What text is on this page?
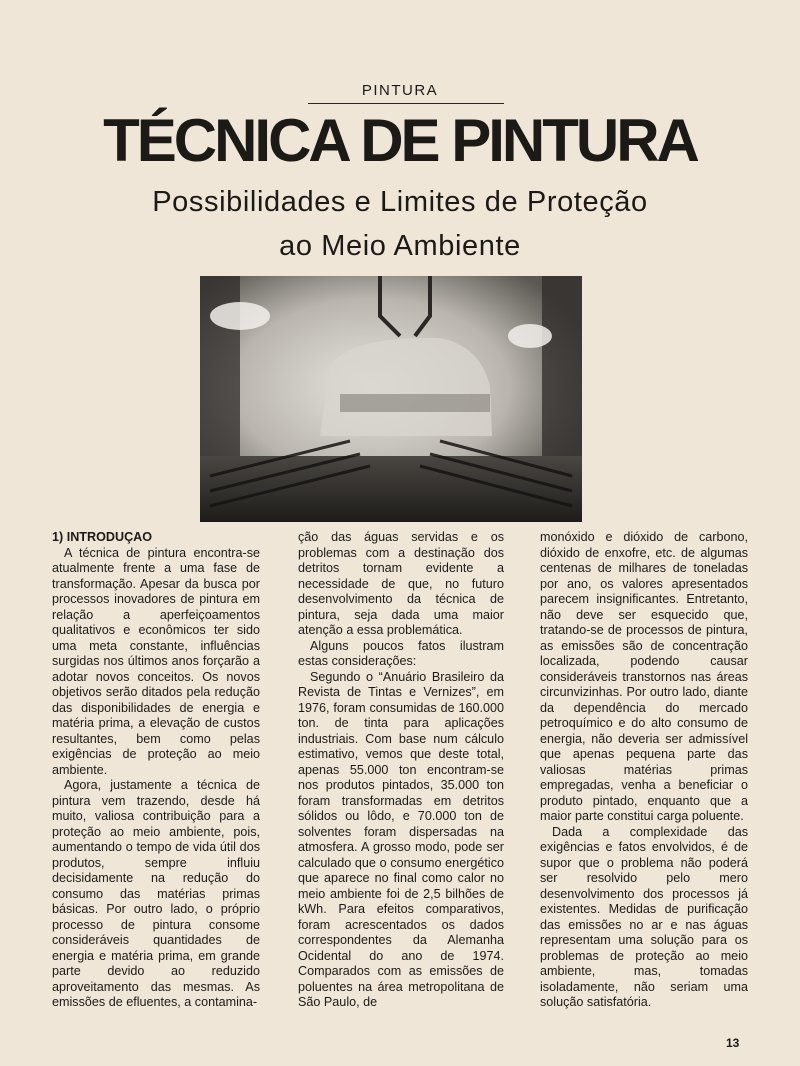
PINTURA
TÉCNICA DE PINTURA
Possibilidades e Limites de Proteção
ao Meio Ambiente

1) INTRODUÇAO

A técnica de pintura encontra-se atualmente frente a uma fase de transformação. Apesar da busca por processos inovadores de pintura em relação a aperfeiçoamentos qualitativos e econômicos ter sido uma meta constante, influências surgidas nos últimos anos forçarão a adotar novos conceitos. Os novos objetivos serão ditados pela redução das disponibilidades de energia e matéria prima, a elevação de custos resultantes, bem como pelas exigências de proteção ao meio ambiente.

Agora, justamente a técnica de pintura vem trazendo, desde há muito, valiosa contribuição para a proteção ao meio ambiente, pois, aumentando o tempo de vida útil dos produtos, sempre influiu decisidamente na redução do consumo das matérias primas básicas. Por outro lado, o próprio processo de pintura consome consideráveis quantidades de energia e matéria prima, em grande parte devido ao reduzido aproveitamento das mesmas. As emissões de efluentes, a contamina-

ção das águas servidas e os problemas com a destinação dos detritos tornam evidente a necessidade de que, no futuro desenvolvimento da técnica de pintura, seja dada uma maior atenção a essa problemática.

Alguns poucos fatos ilustram estas considerações:

Segundo o “Anuário Brasileiro da Revista de Tintas e Vernizes”, em 1976, foram consumidas de 160.000 ton. de tinta para aplicações industriais. Com base num cálculo estimativo, vemos que deste total, apenas 55.000 ton encontram-se nos produtos pintados, 35.000 ton foram transformadas em detritos sólidos ou lôdo, e 70.000 ton de solventes foram dispersadas na atmosfera. A grosso modo, pode ser calculado que o consumo energético que aparece no final como calor no meio ambiente foi de 2,5 bilhões de kWh. Para efeitos comparativos, foram acrescentados os dados correspondentes da Alemanha Ocidental do ano de 1974. Comparados com as emissões de poluentes na área metropolitana de São Paulo, de

monóxido e dióxido de carbono, dióxido de enxofre, etc. de algumas centenas de milhares de toneladas por ano, os valores apresentados parecem insignificantes. Entretanto, não deve ser esquecido que, tratando-se de processos de pintura, as emissões são de concentração localizada, podendo causar consideráveis transtornos nas áreas circunvizinhas. Por outro lado, diante da dependência do mercado petroquímico e do alto consumo de energia, não deveria ser admissível que apenas pequena parte das valiosas matérias primas empregadas, venha a beneficiar o produto pintado, enquanto que a maior parte constitui carga poluente.

Dada a complexidade das exigências e fatos envolvidos, é de supor que o problema não poderá ser resolvido pelo mero desenvolvimento dos processos já existentes. Medidas de purificação das emissões no ar e nas águas representam uma solução para os problemas de proteção ao meio ambiente, mas, tomadas isoladamente, não seriam uma solução satisfatória.

13
